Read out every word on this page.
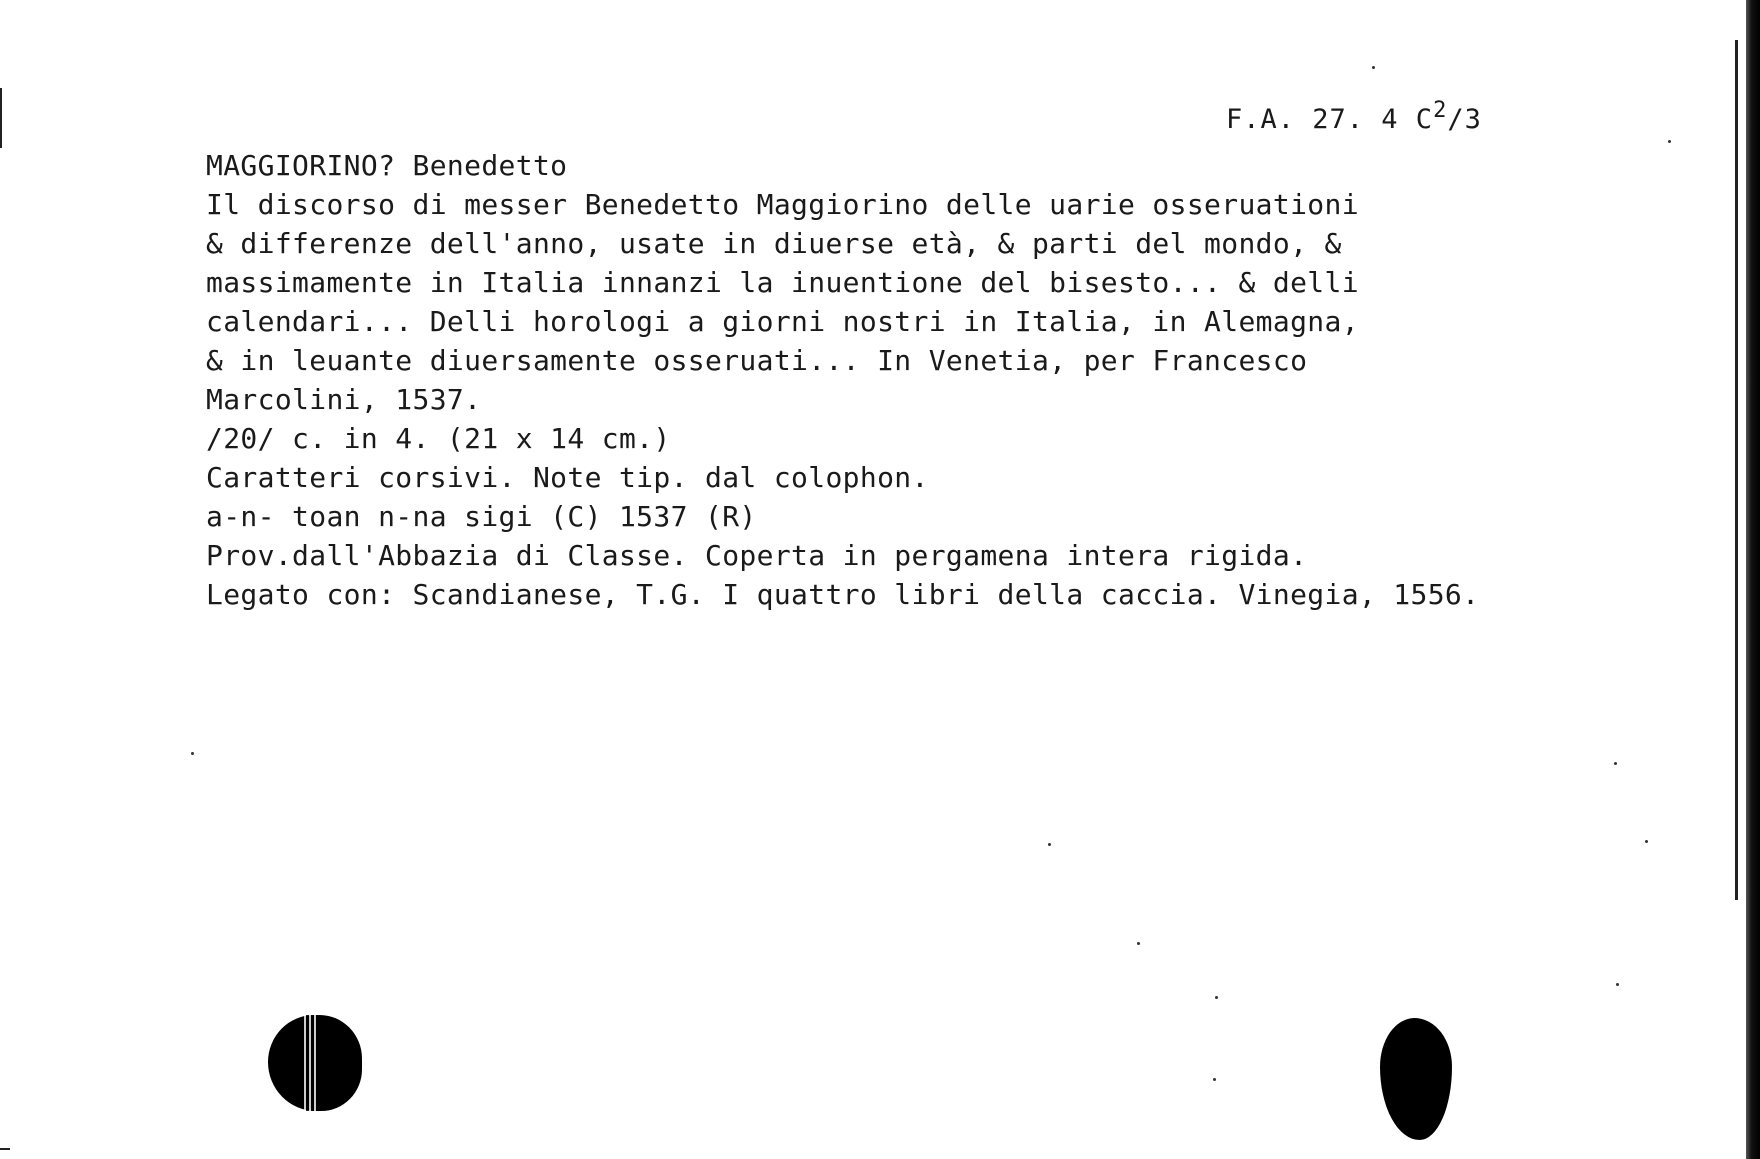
F.A. 27. 4 $C^2/3$
MAGGIORINO? Benedetto
Il discorso di messer Benedetto Maggiorino delle uarie osseruationi
& differenze dell'anno, usate in diuerse età, & parti del mondo, &
massimamente in Italia innanzi la inuentione del bisesto... & delli
calendari... Delli horologi a giorni nostri in Italia, in Alemagna,
& in leuante diuersamente osseruati... In Venetia, per Francesco
Marcolini, 1537.
/20/ c. in 4. (21 x 14 cm.)
Caratteri corsivi. Note tip. dal colophon.
a-n- toan n-na sigi (C) 1537 (R)
Prov.dall'Abbazia di Classe. Coperta in pergamena intera rigida.
Legato con: Scandianese, T.G. I quattro libri della caccia. Vinegia, 1556.
